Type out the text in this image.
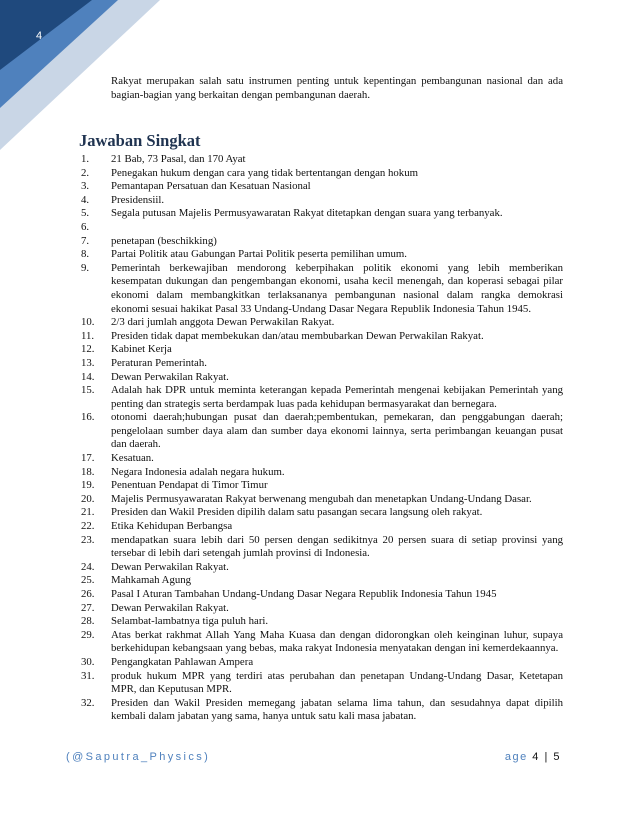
4

Rakyat merupakan salah satu instrumen penting untuk kepentingan pembangunan nasional dan ada bagian-bagian yang berkaitan dengan pembangunan daerah.

Jawaban Singkat
1.	21 Bab, 73 Pasal, dan 170 Ayat
2.	Penegakan hukum dengan cara yang tidak bertentangan dengan hokum
3.	Pemantapan Persatuan dan Kesatuan Nasional
4.	Presidensiil.
5.	Segala putusan Majelis Permusyawaratan Rakyat ditetapkan dengan suara yang terbanyak.
6.
7.	penetapan (beschikking)
8.	Partai Politik atau Gabungan Partai Politik peserta pemilihan umum.
9.	Pemerintah berkewajiban mendorong keberpihakan politik ekonomi yang lebih memberikan kesempatan dukungan dan pengembangan ekonomi, usaha kecil menengah, dan koperasi sebagai pilar ekonomi dalam membangkitkan terlaksananya pembangunan nasional dalam rangka demokrasi ekonomi sesuai hakikat Pasal 33 Undang-Undang Dasar Negara Republik Indonesia Tahun 1945.
10.	2/3 dari jumlah anggota Dewan Perwakilan Rakyat.
11.	Presiden tidak dapat membekukan dan/atau membubarkan Dewan Perwakilan Rakyat.
12.	Kabinet Kerja
13.	Peraturan Pemerintah.
14.	Dewan Perwakilan Rakyat.
15.	Adalah hak DPR untuk meminta keterangan kepada Pemerintah mengenai kebijakan Pemerintah yang penting dan strategis serta berdampak luas pada kehidupan bermasyarakat dan bernegara.
16.	otonomi daerah;hubungan pusat dan daerah;pembentukan, pemekaran, dan penggabungan daerah; pengelolaan sumber daya alam dan sumber daya ekonomi lainnya, serta perimbangan keuangan pusat dan daerah.
17.	Kesatuan.
18.	Negara Indonesia adalah negara hukum.
19.	Penentuan Pendapat di Timor Timur
20.	Majelis Permusyawaratan Rakyat berwenang mengubah dan menetapkan Undang-Undang Dasar.
21.	Presiden dan Wakil Presiden dipilih dalam satu pasangan secara langsung oleh rakyat.
22.	Etika Kehidupan Berbangsa
23.	mendapatkan suara lebih dari 50 persen dengan sedikitnya 20 persen suara di setiap provinsi yang tersebar di lebih dari setengah jumlah provinsi di Indonesia.
24.	Dewan Perwakilan Rakyat.
25.	Mahkamah Agung
26.	Pasal I Aturan Tambahan Undang-Undang Dasar Negara Republik Indonesia Tahun 1945
27.	Dewan Perwakilan Rakyat.
28.	Selambat-lambatnya tiga puluh hari.
29.	Atas berkat rakhmat Allah Yang Maha Kuasa dan dengan didorongkan oleh keinginan luhur, supaya berkehidupan kebangsaan yang bebas, maka rakyat Indonesia menyatakan dengan ini kemerdekaannya.
30.	Pengangkatan Pahlawan Ampera
31.	produk hukum MPR yang terdiri atas perubahan dan penetapan Undang-Undang Dasar, Ketetapan MPR, dan Keputusan MPR.
32.	Presiden dan Wakil Presiden memegang jabatan selama lima tahun, dan sesudahnya dapat dipilih kembali dalam jabatan yang sama, hanya untuk satu kali masa jabatan.
(@Saputra_Physics)	age 4 | 5
